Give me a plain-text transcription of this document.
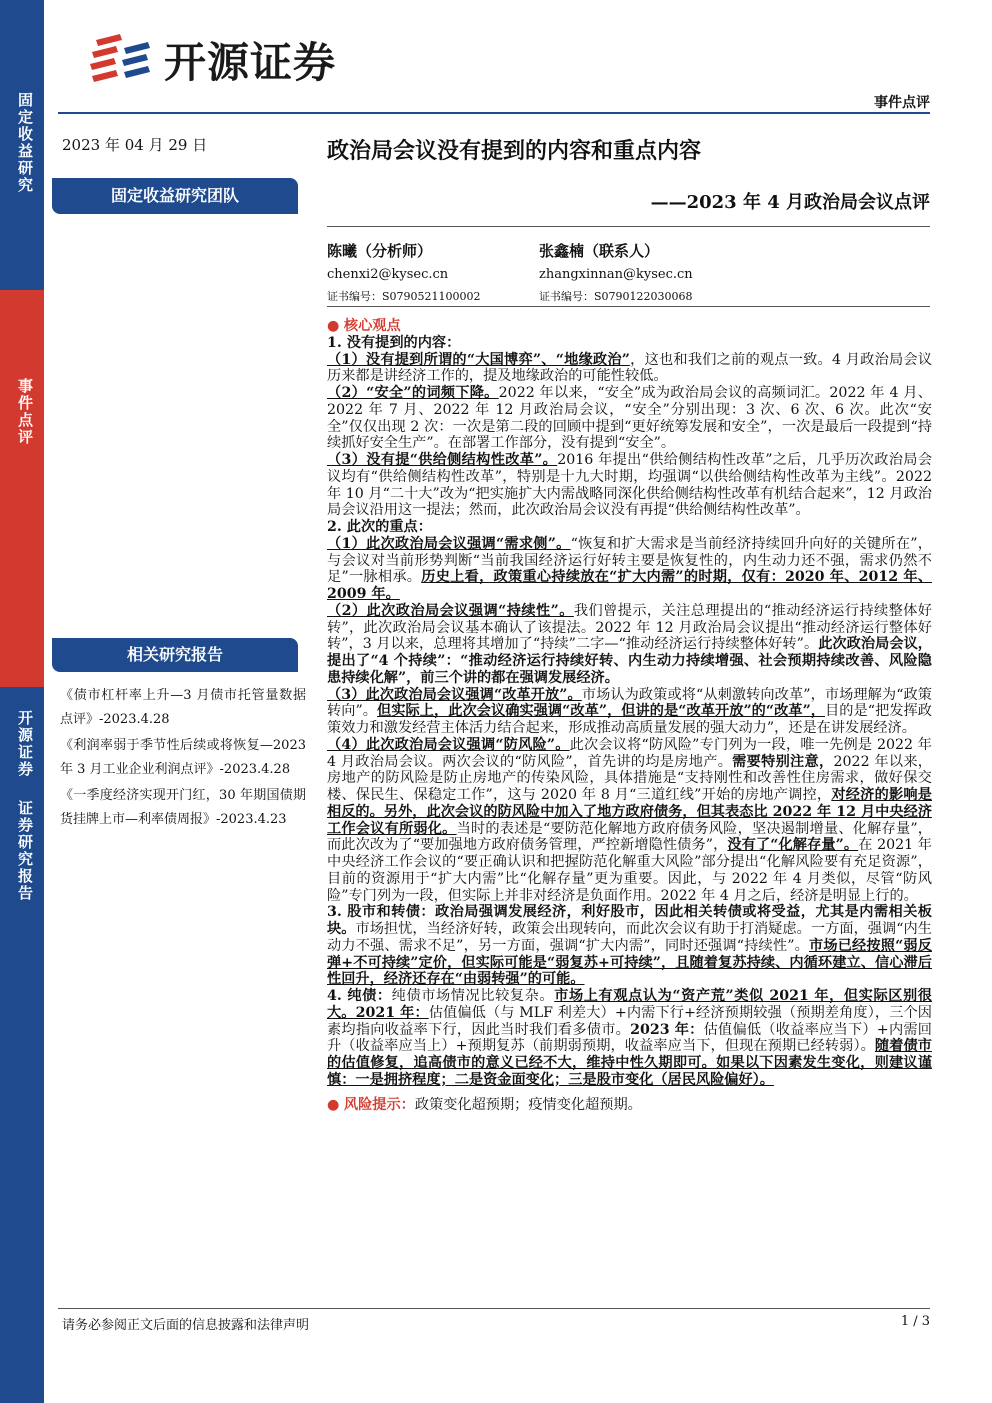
固定收益研究
事件点评
开源证券
证券研究报告
开源证券
事件点评
2023 年 04 月 29 日
固定收益研究团队
政治局会议没有提到的内容和重点内容
——2023 年 4 月政治局会议点评
陈曦（分析师）
chenxi2@kysec.cn
证书编号：S0790521100002
张鑫楠（联系人）
zhangxinnan@kysec.cn
证书编号：S0790122030068
相关研究报告
《债市杠杆率上升—3 月债市托管量数据点评》-2023.4.28
《利润率弱于季节性后续或将恢复—2023 年 3 月工业企业利润点评》-2023.4.28
《一季度经济实现开门红，30 年期国债期货挂牌上市—利率债周报》-2023.4.23

● 核心观点

1. 没有提到的内容：

（1）没有提到所谓的“大国博弈”、“地缘政治”，这也和我们之前的观点一致。4 月政治局会议历来都是讲经济工作的，提及地缘政治的可能性较低。

（2）“安全”的词频下降。2022 年以来，“安全”成为政治局会议的高频词汇。2022 年 4 月、2022 年 7 月、2022 年 12 月政治局会议，“安全”分别出现：3 次、6 次、6 次。此次“安全”仅仅出现 2 次：一次是第二段的回顾中提到“更好统筹发展和安全”，一次是最后一段提到“持续抓好安全生产”。在部署工作部分，没有提到“安全”。

（3）没有提“供给侧结构性改革”。2016 年提出“供给侧结构性改革”之后，几乎历次政治局会议均有“供给侧结构性改革”，特别是十九大时期，均强调“以供给侧结构性改革为主线”。2022 年 10 月“二十大”改为“把实施扩大内需战略同深化供给侧结构性改革有机结合起来”，12 月政治局会议沿用这一提法；然而，此次政治局会议没有再提“供给侧结构性改革”。

2. 此次的重点：

（1）此次政治局会议强调“需求侧”。“恢复和扩大需求是当前经济持续回升向好的关键所在”，与会议对当前形势判断“当前我国经济运行好转主要是恢复性的，内生动力还不强，需求仍然不足”一脉相承。历史上看，政策重心持续放在“扩大内需”的时期，仅有：2020 年、2012 年、2009 年。

（2）此次政治局会议强调“持续性”。我们曾提示，关注总理提出的“推动经济运行持续整体好转”，此次政治局会议基本确认了该提法。2022 年 12 月政治局会议提出“推动经济运行整体好转”，3 月以来，总理将其增加了“持续”二字—“推动经济运行持续整体好转”。此次政治局会议，提出了“4 个持续”：“推动经济运行持续好转、内生动力持续增强、社会预期持续改善、风险隐患持续化解”，前三个讲的都在强调发展经济。

（3）此次政治局会议强调“改革开放”。市场认为政策或将“从刺激转向改革”，市场理解为“政策转向”。但实际上，此次会议确实强调“改革”，但讲的是“改革开放”的“改革”，目的是“把发挥政策效力和激发经营主体活力结合起来，形成推动高质量发展的强大动力”，还是在讲发展经济。

（4）此次政治局会议强调“防风险”。此次会议将“防风险”专门列为一段，唯一先例是 2022 年 4 月政治局会议。两次会议的“防风险”，首先讲的均是房地产。需要特别注意，2022 年以来，房地产的防风险是防止房地产的传染风险，具体措施是“支持刚性和改善性住房需求，做好保交楼、保民生、保稳定工作”，这与 2020 年 8 月“三道红线”开始的房地产调控，对经济的影响是相反的。另外，此次会议的防风险中加入了地方政府债务，但其表态比 2022 年 12 月中央经济工作会议有所弱化。当时的表述是“要防范化解地方政府债务风险，坚决遏制增量、化解存量”，而此次改为了“要加强地方政府债务管理，严控新增隐性债务”，没有了“化解存量”。在 2021 年中央经济工作会议的“要正确认识和把握防范化解重大风险”部分提出“化解风险要有充足资源”，目前的资源用于“扩大内需”比“化解存量”更为重要。因此，与 2022 年 4 月类似，尽管“防风险”专门列为一段，但实际上并非对经济是负面作用。2022 年 4 月之后，经济是明显上行的。

3. 股市和转债：政治局强调发展经济，利好股市，因此相关转债或将受益，尤其是内需相关板块。市场担忧，当经济好转，政策会出现转向，而此次会议有助于打消疑虑。一方面，强调“内生动力不强、需求不足”，另一方面，强调“扩大内需”，同时还强调“持续性”。市场已经按照“弱反弹+不可持续”定价，但实际可能是“弱复苏+可持续”，且随着复苏持续、内循环建立、信心滞后性回升，经济还存在“由弱转强”的可能。

4. 纯债：纯债市场情况比较复杂。市场上有观点认为“资产荒”类似 2021 年，但实际区别很大。2021 年：估值偏低（与 MLF 利差大）+内需下行+经济预期较强（预期差角度），三个因素均指向收益率下行，因此当时我们看多债市。2023 年：估值偏低（收益率应当下）+内需回升（收益率应当上）+预期复苏（前期弱预期，收益率应当下，但现在预期已经转弱）。随着债市的估值修复，追高债市的意义已经不大，维持中性久期即可。如果以下因素发生变化，则建议谨慎：一是拥挤程度；二是资金面变化；三是股市变化（居民风险偏好）。

● 风险提示：政策变化超预期；疫情变化超预期。

请务必参阅正文后面的信息披露和法律声明	1 / 3
